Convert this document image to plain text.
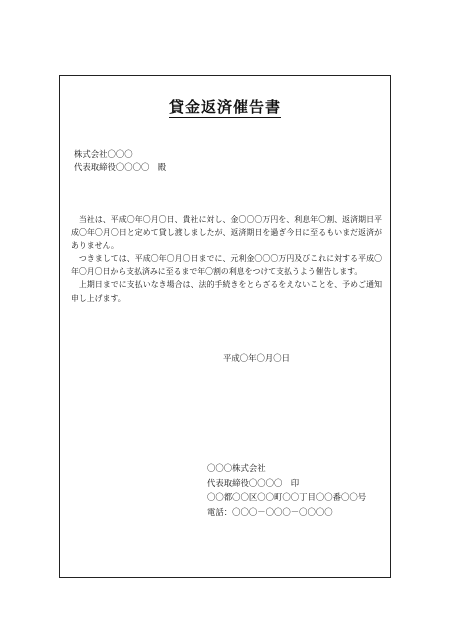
貸金返済催告書
株式会社〇〇〇
代表取締役〇〇〇〇　殿

当社は、平成〇年〇月〇日、貴社に対し、金〇〇〇万円を、利息年〇割、返済期日平成〇年〇月〇日と定めて貸し渡しましたが、返済期日を過ぎ今日に至るもいまだ返済がありません。

つきましては、平成〇年〇月〇日までに、元利金〇〇〇万円及びこれに対する平成〇年〇月〇日から支払済みに至るまで年〇割の利息をつけて支払うよう催告します。

上期日までに支払いなき場合は、法的手続きをとらざるをえないことを、予めご通知申し上げます。

平成〇年〇月〇日
〇〇〇株式会社
代表取締役〇〇〇〇　印
〇〇都〇〇区〇〇町〇〇丁目〇〇番〇〇号
電話：〇〇〇－〇〇〇－〇〇〇〇
